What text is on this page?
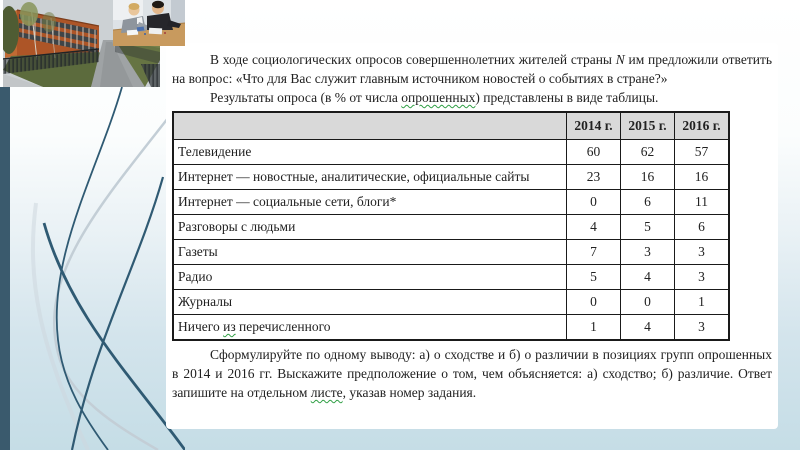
В ходе социологических опросов совершеннолетних жителей страны N им предложили ответить на вопрос: «Что для Вас служит главным источником новостей о событиях в стране?»

Результаты опроса (в % от числа опрошенных) представлены в виде таблицы.

	2014 г.	2015 г.	2016 г.
Телевидение	60	62	57
Интернет — новостные, аналитические, официальные сайты	23	16	16
Интернет — социальные сети, блоги*	0	6	11
Разговоры с людьми	4	5	6
Газеты	7	3	3
Радио	5	4	3
Журналы	0	0	1
Ничего из перечисленного	1	4	3

Сформулируйте по одному выводу: а) о сходстве и б) о различии в позициях групп опрошенных в 2014 и 2016 гг. Выскажите предположение о том, чем объясняется: а) сходство; б) различие. Ответ запишите на отдельном листе, указав номер задания.
